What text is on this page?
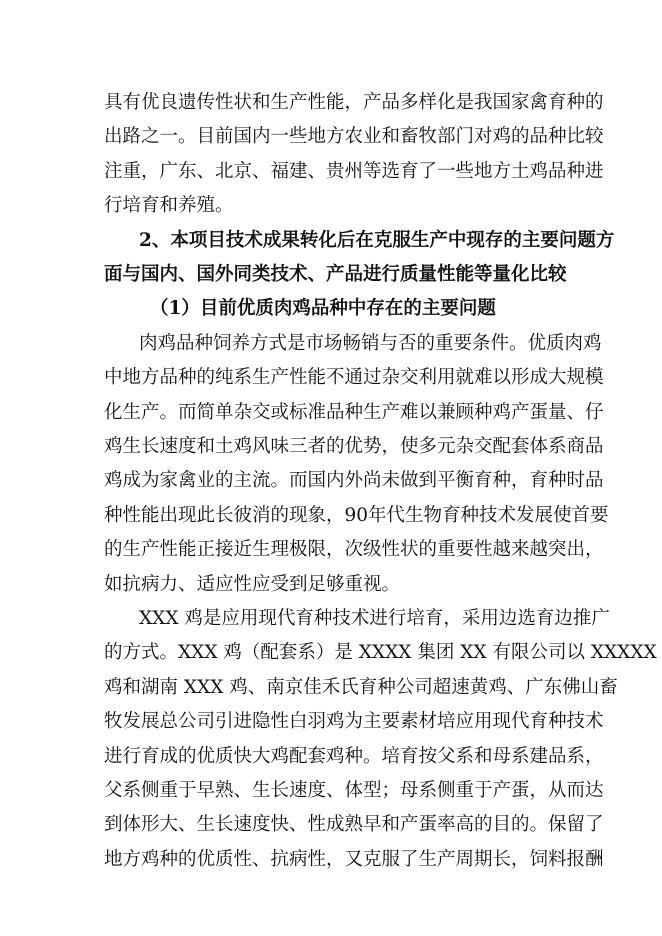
具有优良遗传性状和生产性能，产品多样化是我国家禽育种的
出路之一。目前国内一些地方农业和畜牧部门对鸡的品种比较
注重，广东、北京、福建、贵州等选育了一些地方土鸡品种进
行培育和养殖。
2、本项目技术成果转化后在克服生产中现存的主要问题方
面与国内、国外同类技术、产品进行质量性能等量化比较
（1）目前优质肉鸡品种中存在的主要问题
肉鸡品种饲养方式是市场畅销与否的重要条件。优质肉鸡
中地方品种的纯系生产性能不通过杂交利用就难以形成大规模
化生产。而简单杂交或标准品种生产难以兼顾种鸡产蛋量、仔
鸡生长速度和土鸡风味三者的优势，使多元杂交配套体系商品
鸡成为家禽业的主流。而国内外尚未做到平衡育种，育种时品
种性能出现此长彼消的现象，90年代生物育种技术发展使首要
的生产性能正接近生理极限，次级性状的重要性越来越突出，
如抗病力、适应性应受到足够重视。
XXX 鸡是应用现代育种技术进行培育，采用边选育边推广
的方式。XXX 鸡（配套系）是 XXXX 集团 XX 有限公司以 XXXXX
鸡和湖南 XXX 鸡、南京佳禾氏育种公司超速黄鸡、广东佛山畜
牧发展总公司引进隐性白羽鸡为主要素材培应用现代育种技术
进行育成的优质快大鸡配套鸡种。培育按父系和母系建品系，
父系侧重于早熟、生长速度、体型；母系侧重于产蛋，从而达
到体形大、生长速度快、性成熟早和产蛋率高的目的。保留了
地方鸡种的优质性、抗病性，又克服了生产周期长，饲料报酬
